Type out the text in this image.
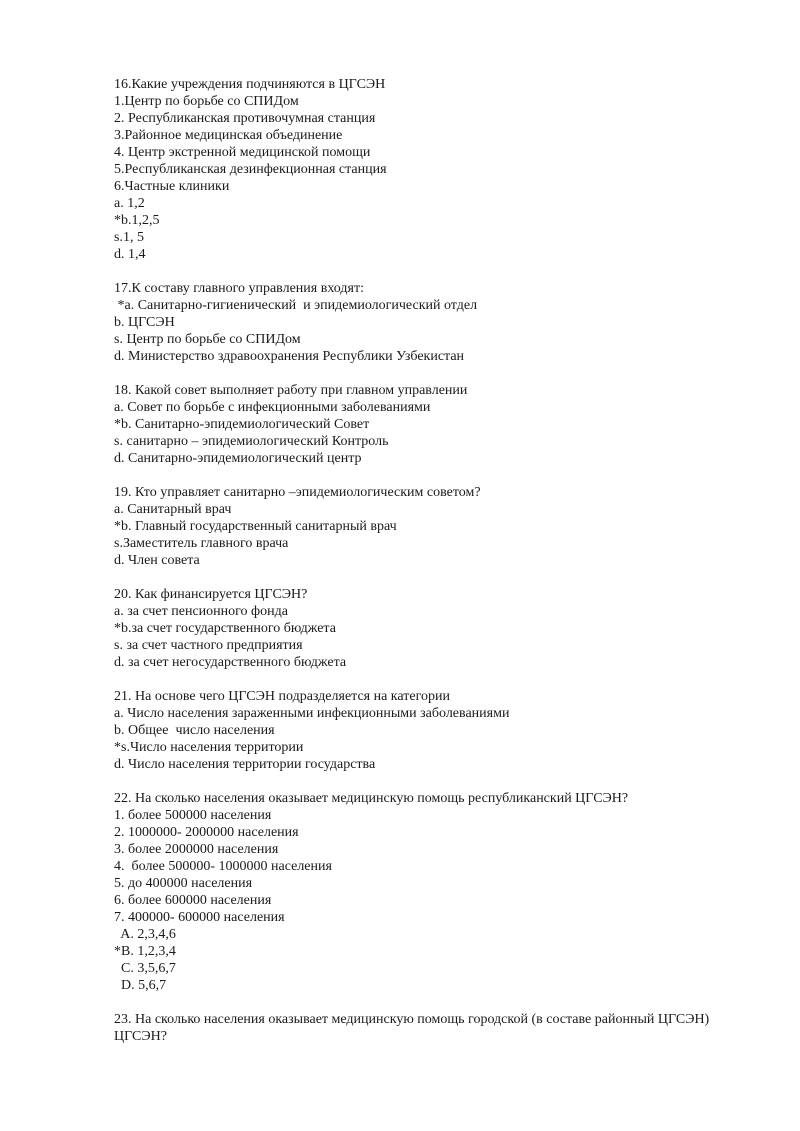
16.Какие учреждения подчиняются в ЦГСЭН
1.Центр по борьбе со СПИДом
2. Республиканская противочумная станция
3.Районное медицинская объединение
4. Центр экстренной медицинской помощи
5.Республиканская дезинфекционная станция
6.Частные клиники
a. 1,2
*b.1,2,5
s.1, 5
d. 1,4
17.К составу главного управления входят:
*a. Санитарно-гигиенический  и эпидемиологический отдел
b. ЦГСЭН
s. Центр по борьбе со СПИДом
d. Министерство здравоохранения Республики Узбекистан
18. Какой совет выполняет работу при главном управлении
a. Совет по борьбе с инфекционными заболеваниями
*b. Санитарно-эпидемиологический Совет
s. санитарно – эпидемиологический Контроль
d. Санитарно-эпидемиологический центр
19. Кто управляет санитарно –эпидемиологическим советом?
a. Санитарный врач
*b. Главный государственный санитарный врач
s.Заместитель главного врача
d. Член совета
20. Как финансируется ЦГСЭН?
a. за счет пенсионного фонда
*b.за счет государственного бюджета
s. за счет частного предприятия
d. за счет негосударственного бюджета
21. На основе чего ЦГСЭН подразделяется на категории
a. Число населения зараженными инфекционными заболеваниями
b. Общее  число населения
*s.Число населения территории
d. Число населения территории государства
22. На сколько населения оказывает медицинскую помощь республиканский ЦГСЭН?
1. более 500000 населения
2. 1000000- 2000000 населения
3. более 2000000 населения
4.  более 500000- 1000000 населения
5. до 400000 населения
6. более 600000 населения
7. 400000- 600000 населения
A. 2,3,4,6
*B. 1,2,3,4
C. 3,5,6,7
D. 5,6,7
23. На сколько населения оказывает медицинскую помощь городской (в составе районный ЦГСЭН) ЦГСЭН?
